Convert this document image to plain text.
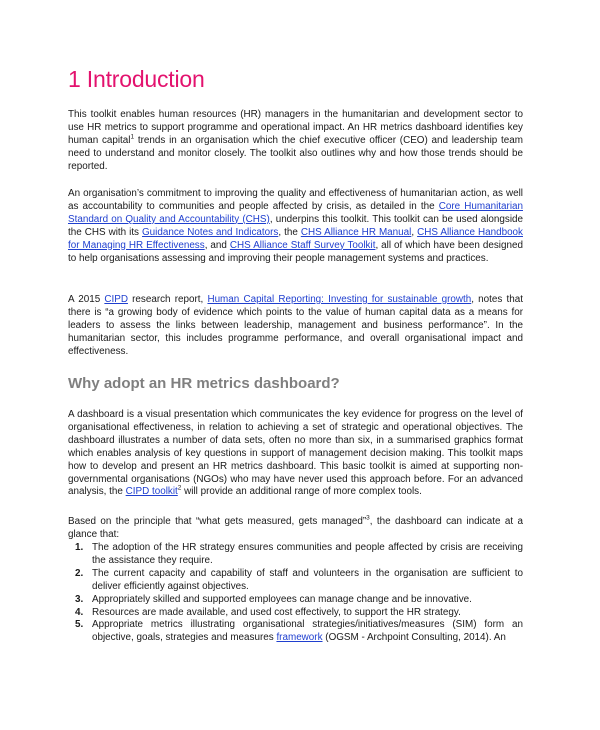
1 Introduction

This toolkit enables human resources (HR) managers in the humanitarian and development sector to use HR metrics to support programme and operational impact. An HR metrics dashboard identifies key human capital$^1$ trends in an organisation which the chief executive officer (CEO) and leadership team need to understand and monitor closely. The toolkit also outlines why and how those trends should be reported.

An organisation’s commitment to improving the quality and effectiveness of humanitarian action, as well as accountability to communities and people affected by crisis, as detailed in the Core Humanitarian Standard on Quality and Accountability (CHS), underpins this toolkit. This toolkit can be used alongside the CHS with its Guidance Notes and Indicators, the CHS Alliance HR Manual, CHS Alliance Handbook for Managing HR Effectiveness, and CHS Alliance Staff Survey Toolkit, all of which have been designed to help organisations assessing and improving their people management systems and practices.

A 2015 CIPD research report, Human Capital Reporting: Investing for sustainable growth, notes that there is “a growing body of evidence which points to the value of human capital data as a means for leaders to assess the links between leadership, management and business performance”. In the humanitarian sector, this includes programme performance, and overall organisational impact and effectiveness.

Why adopt an HR metrics dashboard?

A dashboard is a visual presentation which communicates the key evidence for progress on the level of organisational effectiveness, in relation to achieving a set of strategic and operational objectives. The dashboard illustrates a number of data sets, often no more than six, in a summarised graphics format which enables analysis of key questions in support of management decision making. This toolkit maps how to develop and present an HR metrics dashboard. This basic toolkit is aimed at supporting non-governmental organisations (NGOs) who may have never used this approach before. For an advanced analysis, the CIPD toolkit$^2$ will provide an additional range of more complex tools.

Based on the principle that “what gets measured, gets managed”$^3$, the dashboard can indicate at a glance that:

1. The adoption of the HR strategy ensures communities and people affected by crisis are receiving the assistance they require.
2. The current capacity and capability of staff and volunteers in the organisation are sufficient to deliver efficiently against objectives.
3. Appropriately skilled and supported employees can manage change and be innovative.
4. Resources are made available, and used cost effectively, to support the HR strategy.
5. Appropriate metrics illustrating organisational strategies/initiatives/measures (SIM) form an objective, goals, strategies and measures framework (OGSM - Archpoint Consulting, 2014). An
